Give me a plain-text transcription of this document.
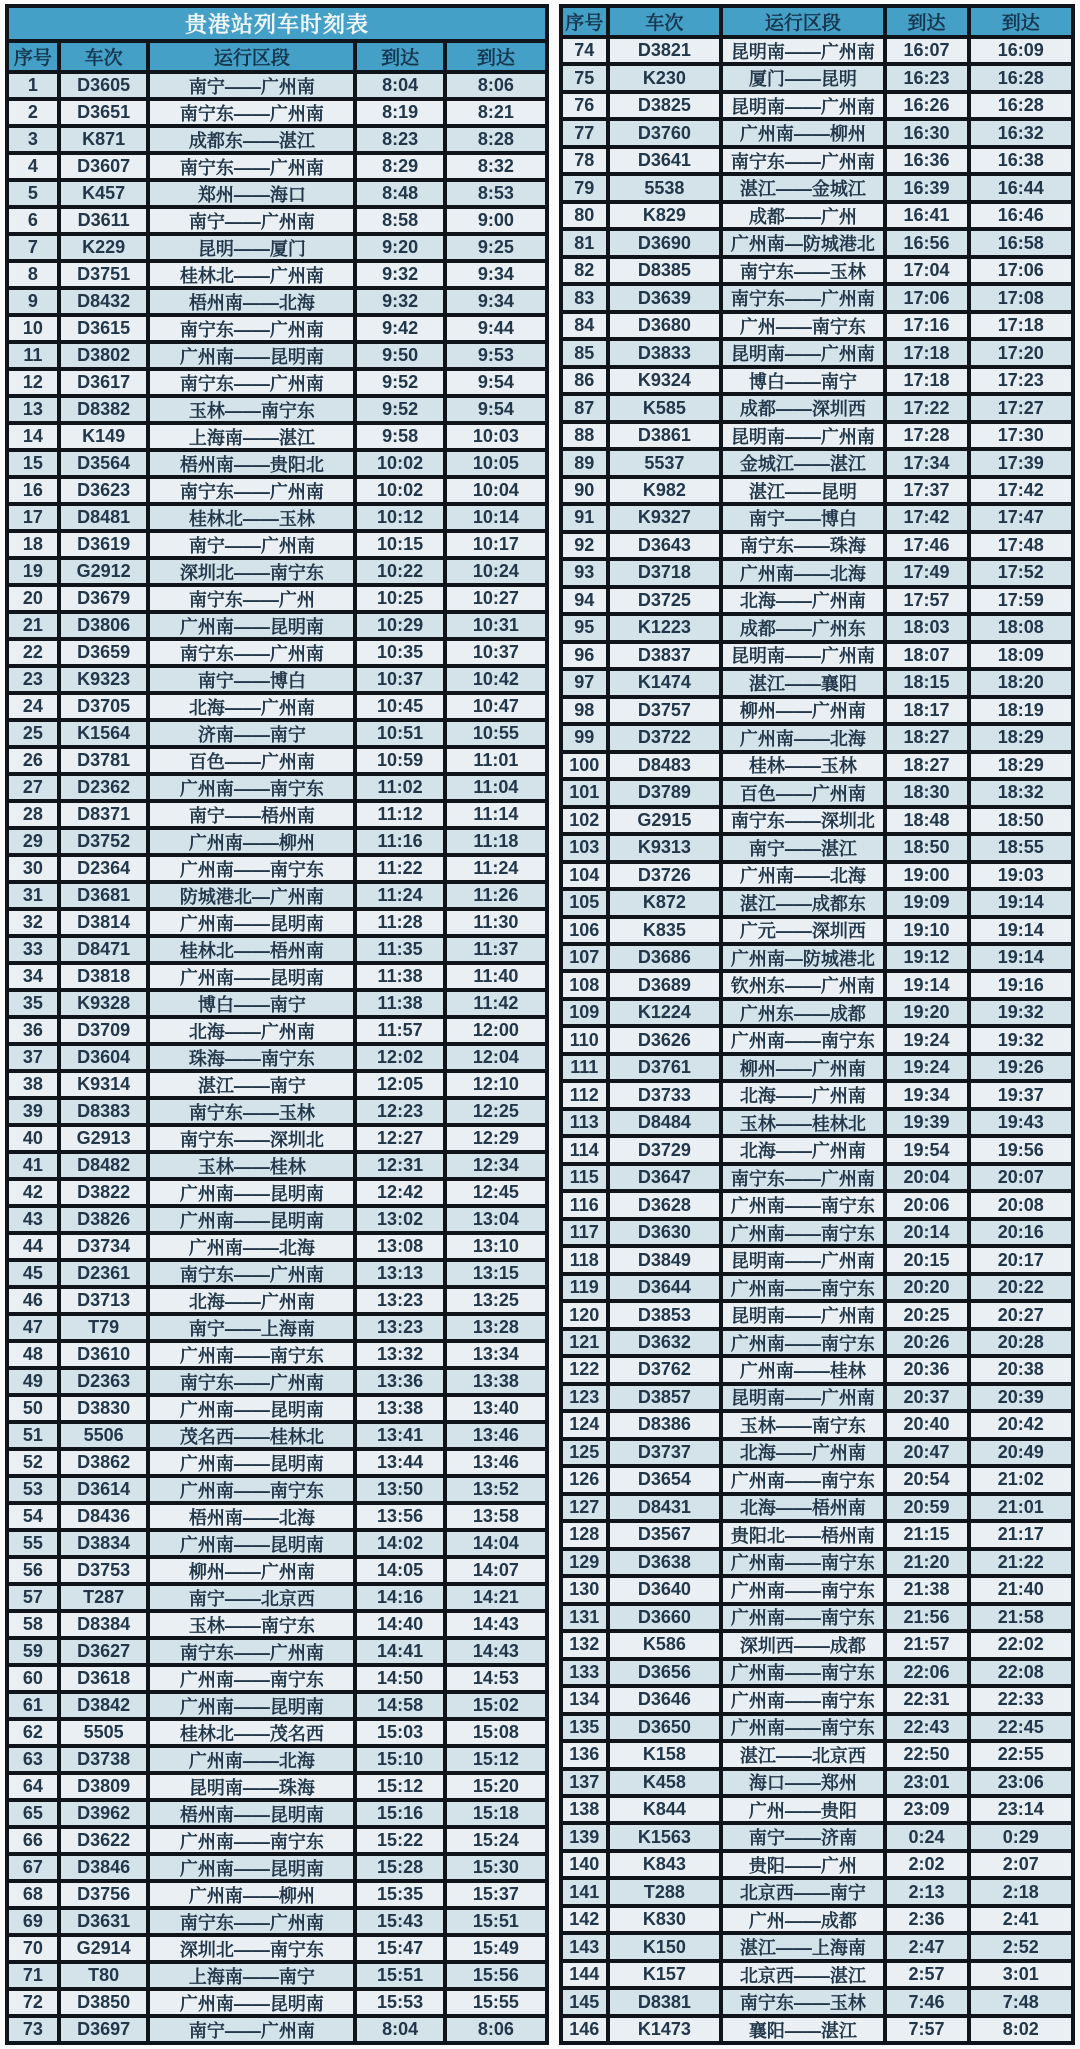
贵港站列车时刻表
序号	车次	运行区段	到达	到达
1	D3605	南宁——广州南	8:04	8:06
2	D3651	南宁东——广州南	8:19	8:21
3	K871	成都东——湛江	8:23	8:28
4	D3607	南宁东——广州南	8:29	8:32
5	K457	郑州——海口	8:48	8:53
6	D3611	南宁——广州南	8:58	9:00
7	K229	昆明——厦门	9:20	9:25
8	D3751	桂林北——广州南	9:32	9:34
9	D8432	梧州南——北海	9:32	9:34
10	D3615	南宁东——广州南	9:42	9:44
11	D3802	广州南——昆明南	9:50	9:53
12	D3617	南宁东——广州南	9:52	9:54
13	D8382	玉林——南宁东	9:52	9:54
14	K149	上海南——湛江	9:58	10:03
15	D3564	梧州南——贵阳北	10:02	10:05
16	D3623	南宁东——广州南	10:02	10:04
17	D8481	桂林北——玉林	10:12	10:14
18	D3619	南宁——广州南	10:15	10:17
19	G2912	深圳北——南宁东	10:22	10:24
20	D3679	南宁东——广州	10:25	10:27
21	D3806	广州南——昆明南	10:29	10:31
22	D3659	南宁东——广州南	10:35	10:37
23	K9323	南宁——博白	10:37	10:42
24	D3705	北海——广州南	10:45	10:47
25	K1564	济南——南宁	10:51	10:55
26	D3781	百色——广州南	10:59	11:01
27	D2362	广州南——南宁东	11:02	11:04
28	D8371	南宁——梧州南	11:12	11:14
29	D3752	广州南——柳州	11:16	11:18
30	D2364	广州南——南宁东	11:22	11:24
31	D3681	防城港北—广州南	11:24	11:26
32	D3814	广州南——昆明南	11:28	11:30
33	D8471	桂林北——梧州南	11:35	11:37
34	D3818	广州南——昆明南	11:38	11:40
35	K9328	博白——南宁	11:38	11:42
36	D3709	北海——广州南	11:57	12:00
37	D3604	珠海——南宁东	12:02	12:04
38	K9314	湛江——南宁	12:05	12:10
39	D8383	南宁东——玉林	12:23	12:25
40	G2913	南宁东——深圳北	12:27	12:29
41	D8482	玉林——桂林	12:31	12:34
42	D3822	广州南——昆明南	12:42	12:45
43	D3826	广州南——昆明南	13:02	13:04
44	D3734	广州南——北海	13:08	13:10
45	D2361	南宁东——广州南	13:13	13:15
46	D3713	北海——广州南	13:23	13:25
47	T79	南宁——上海南	13:23	13:28
48	D3610	广州南——南宁东	13:32	13:34
49	D2363	南宁东——广州南	13:36	13:38
50	D3830	广州南——昆明南	13:38	13:40
51	5506	茂名西——桂林北	13:41	13:46
52	D3862	广州南——昆明南	13:44	13:46
53	D3614	广州南——南宁东	13:50	13:52
54	D8436	梧州南——北海	13:56	13:58
55	D3834	广州南——昆明南	14:02	14:04
56	D3753	柳州——广州南	14:05	14:07
57	T287	南宁——北京西	14:16	14:21
58	D8384	玉林——南宁东	14:40	14:43
59	D3627	南宁东——广州南	14:41	14:43
60	D3618	广州南——南宁东	14:50	14:53
61	D3842	广州南——昆明南	14:58	15:02
62	5505	桂林北——茂名西	15:03	15:08
63	D3738	广州南——北海	15:10	15:12
64	D3809	昆明南——珠海	15:12	15:20
65	D3962	梧州南——昆明南	15:16	15:18
66	D3622	广州南——南宁东	15:22	15:24
67	D3846	广州南——昆明南	15:28	15:30
68	D3756	广州南——柳州	15:35	15:37
69	D3631	南宁东——广州南	15:43	15:51
70	G2914	深圳北——南宁东	15:47	15:49
71	T80	上海南——南宁	15:51	15:56
72	D3850	广州南——昆明南	15:53	15:55
73	D3697	南宁——广州南	8:04	8:06
序号	车次	运行区段	到达	到达
74	D3821	昆明南——广州南	16:07	16:09
75	K230	厦门——昆明	16:23	16:28
76	D3825	昆明南——广州南	16:26	16:28
77	D3760	广州南——柳州	16:30	16:32
78	D3641	南宁东——广州南	16:36	16:38
79	5538	湛江——金城江	16:39	16:44
80	K829	成都——广州	16:41	16:46
81	D3690	广州南—防城港北	16:56	16:58
82	D8385	南宁东——玉林	17:04	17:06
83	D3639	南宁东——广州南	17:06	17:08
84	D3680	广州——南宁东	17:16	17:18
85	D3833	昆明南——广州南	17:18	17:20
86	K9324	博白——南宁	17:18	17:23
87	K585	成都——深圳西	17:22	17:27
88	D3861	昆明南——广州南	17:28	17:30
89	5537	金城江——湛江	17:34	17:39
90	K982	湛江——昆明	17:37	17:42
91	K9327	南宁——博白	17:42	17:47
92	D3643	南宁东——珠海	17:46	17:48
93	D3718	广州南——北海	17:49	17:52
94	D3725	北海——广州南	17:57	17:59
95	K1223	成都——广州东	18:03	18:08
96	D3837	昆明南——广州南	18:07	18:09
97	K1474	湛江——襄阳	18:15	18:20
98	D3757	柳州——广州南	18:17	18:19
99	D3722	广州南——北海	18:27	18:29
100	D8483	桂林——玉林	18:27	18:29
101	D3789	百色——广州南	18:30	18:32
102	G2915	南宁东——深圳北	18:48	18:50
103	K9313	南宁——湛江	18:50	18:55
104	D3726	广州南——北海	19:00	19:03
105	K872	湛江——成都东	19:09	19:14
106	K835	广元——深圳西	19:10	19:14
107	D3686	广州南—防城港北	19:12	19:14
108	D3689	钦州东——广州南	19:14	19:16
109	K1224	广州东——成都	19:20	19:32
110	D3626	广州南——南宁东	19:24	19:32
111	D3761	柳州——广州南	19:24	19:26
112	D3733	北海——广州南	19:34	19:37
113	D8484	玉林——桂林北	19:39	19:43
114	D3729	北海——广州南	19:54	19:56
115	D3647	南宁东——广州南	20:04	20:07
116	D3628	广州南——南宁东	20:06	20:08
117	D3630	广州南——南宁东	20:14	20:16
118	D3849	昆明南——广州南	20:15	20:17
119	D3644	广州南——南宁东	20:20	20:22
120	D3853	昆明南——广州南	20:25	20:27
121	D3632	广州南——南宁东	20:26	20:28
122	D3762	广州南——桂林	20:36	20:38
123	D3857	昆明南——广州南	20:37	20:39
124	D8386	玉林——南宁东	20:40	20:42
125	D3737	北海——广州南	20:47	20:49
126	D3654	广州南——南宁东	20:54	21:02
127	D8431	北海——梧州南	20:59	21:01
128	D3567	贵阳北——梧州南	21:15	21:17
129	D3638	广州南——南宁东	21:20	21:22
130	D3640	广州南——南宁东	21:38	21:40
131	D3660	广州南——南宁东	21:56	21:58
132	K586	深圳西——成都	21:57	22:02
133	D3656	广州南——南宁东	22:06	22:08
134	D3646	广州南——南宁东	22:31	22:33
135	D3650	广州南——南宁东	22:43	22:45
136	K158	湛江——北京西	22:50	22:55
137	K458	海口——郑州	23:01	23:06
138	K844	广州——贵阳	23:09	23:14
139	K1563	南宁——济南	0:24	0:29
140	K843	贵阳——广州	2:02	2:07
141	T288	北京西——南宁	2:13	2:18
142	K830	广州——成都	2:36	2:41
143	K150	湛江——上海南	2:47	2:52
144	K157	北京西——湛江	2:57	3:01
145	D8381	南宁东——玉林	7:46	7:48
146	K1473	襄阳——湛江	7:57	8:02
